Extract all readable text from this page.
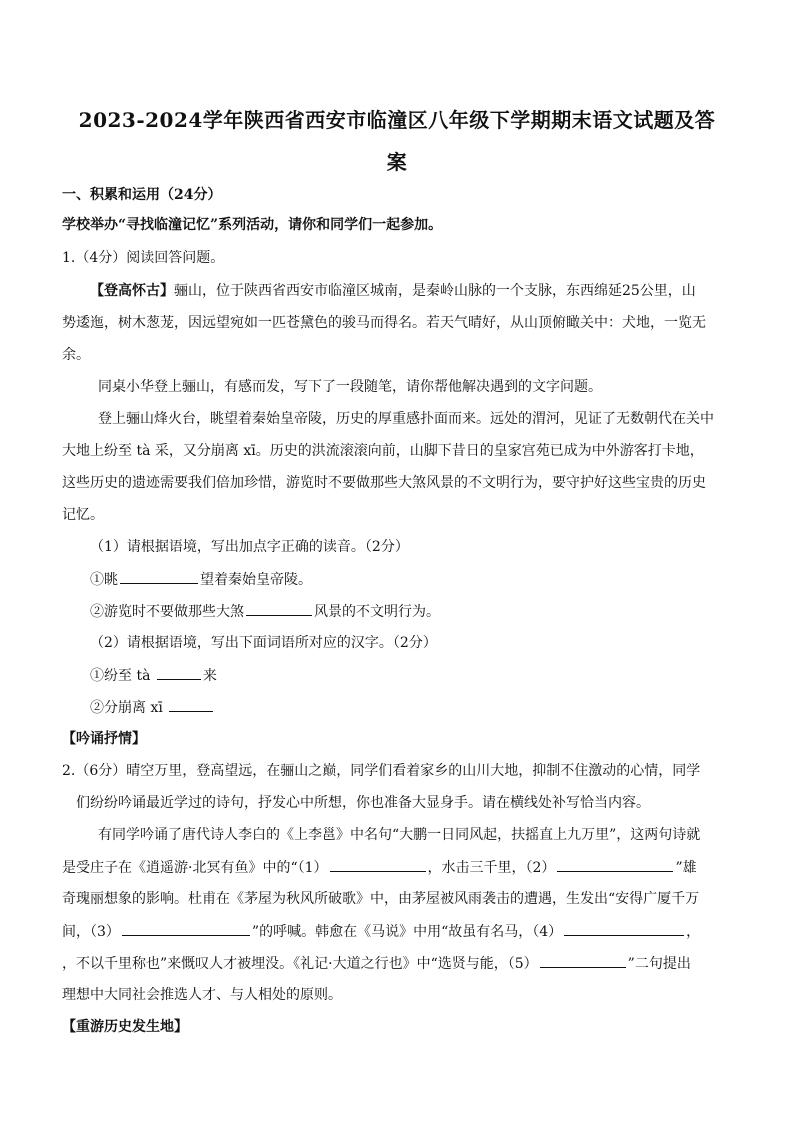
2023-2024学年陕西省西安市临潼区八年级下学期期末语文试题及答
案
一、积累和运用（24分）
学校举办“寻找临潼记忆”系列活动，请你和同学们一起参加。
1.（4分）阅读回答问题。
【登高怀古】骊山，位于陕西省西安市临潼区城南，是秦岭山脉的一个支脉，东西绵延25公里，山
势逶迤，树木葱茏，因远望宛如一匹苍黛色的骏马而得名。若天气晴好，从山顶俯瞰关中：犬地，一览无
余。
同桌小华登上骊山，有感而发，写下了一段随笔，请你帮他解决遇到的文字问题。
登上骊山烽火台，眺望着秦始皇帝陵，历史的厚重感扑面而来。远处的渭河，见证了无数朝代在关中
大地上纷至 tà 采，又分崩离 xī。历史的洪流滚滚向前，山脚下昔日的皇家宫苑已成为中外游客打卡地，
这些历史的遗迹需要我们倍加珍惜，游览时不要做那些大煞风景的不文明行为，要守护好这些宝贵的历史
记忆。
（1）请根据语境，写出加点字正确的读音。（2分）
①眺	望着秦始皇帝陵。
②游览时不要做那些大煞	风景的不文明行为。
（2）请根据语境，写出下面词语所对应的汉字。（2分）
①纷至 tà	来
②分崩离 xī
【吟诵抒情】
2.（6分）晴空万里，登高望远，在骊山之巅，同学们看着家乡的山川大地，抑制不住激动的心情，同学
们纷纷吟诵最近学过的诗句，抒发心中所想，你也准备大显身手。请在横线处补写恰当内容。
有同学吟诵了唐代诗人李白的《上李邕》中名句“大鹏一日同风起，扶摇直上九万里”，这两句诗就
是受庄子在《逍遥游·北冥有鱼》中的“（1）	，水击三千里，（2）	”雄
奇瑰丽想象的影响。杜甫在《茅屋为秋风所破歌》中，由茅屋被风雨袭击的遭遇，生发出“安得广厦千万
间，（3）	”的呼喊。韩愈在《马说》中用“故虽有名马，（4）	，
，不以千里称也”来慨叹人才被埋没。《礼记·大道之行也》中“选贤与能，（5）	”二句提出
理想中大同社会推选人才、与人相处的原则。
【重游历史发生地】
